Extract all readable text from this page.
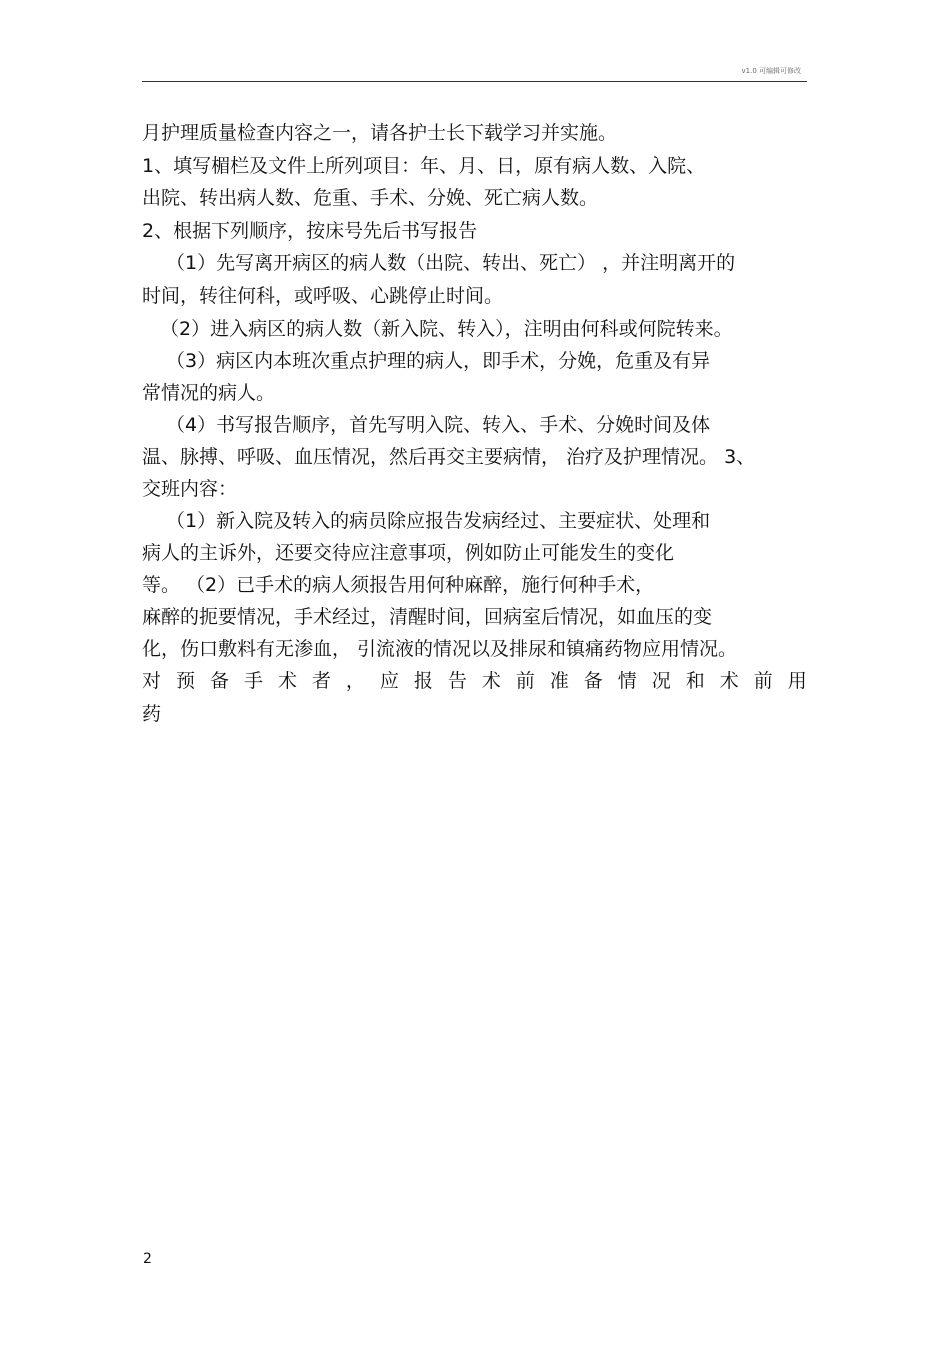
v1.0 可编辑可修改
月护理质量检查内容之一，请各护士长下载学习并实施。
1、填写楣栏及文件上所列项目：年、月、日，原有病人数、入院、
出院、转出病人数、危重、手术、分娩、死亡病人数。
2、根据下列顺序，按床号先后书写报告
（1）先写离开病区的病人数（出院、转出、死亡） ，并注明离开的
时间，转往何科，或呼吸、心跳停止时间。
（2）进入病区的病人数（新入院、转入），注明由何科或何院转来。
（3）病区内本班次重点护理的病人，即手术，分娩，危重及有异
常情况的病人。
（4）书写报告顺序，首先写明入院、转入、手术、分娩时间及体
温、脉搏、呼吸、血压情况，然后再交主要病情， 治疗及护理情况。 3、
交班内容：
（1）新入院及转入的病员除应报告发病经过、主要症状、处理和
病人的主诉外，还要交待应注意事项，例如防止可能发生的变化
等。 （2）已手术的病人须报告用何种麻醉，施行何种手术，
麻醉的扼要情况，手术经过，清醒时间，回病室后情况，如血压的变
化，伤口敷料有无渗血， 引流液的情况以及排尿和镇痛药物应用情况。
对 预 备 手 术 者 ， 应 报 告 术 前 准 备 情 况 和 术 前 用
药
2
